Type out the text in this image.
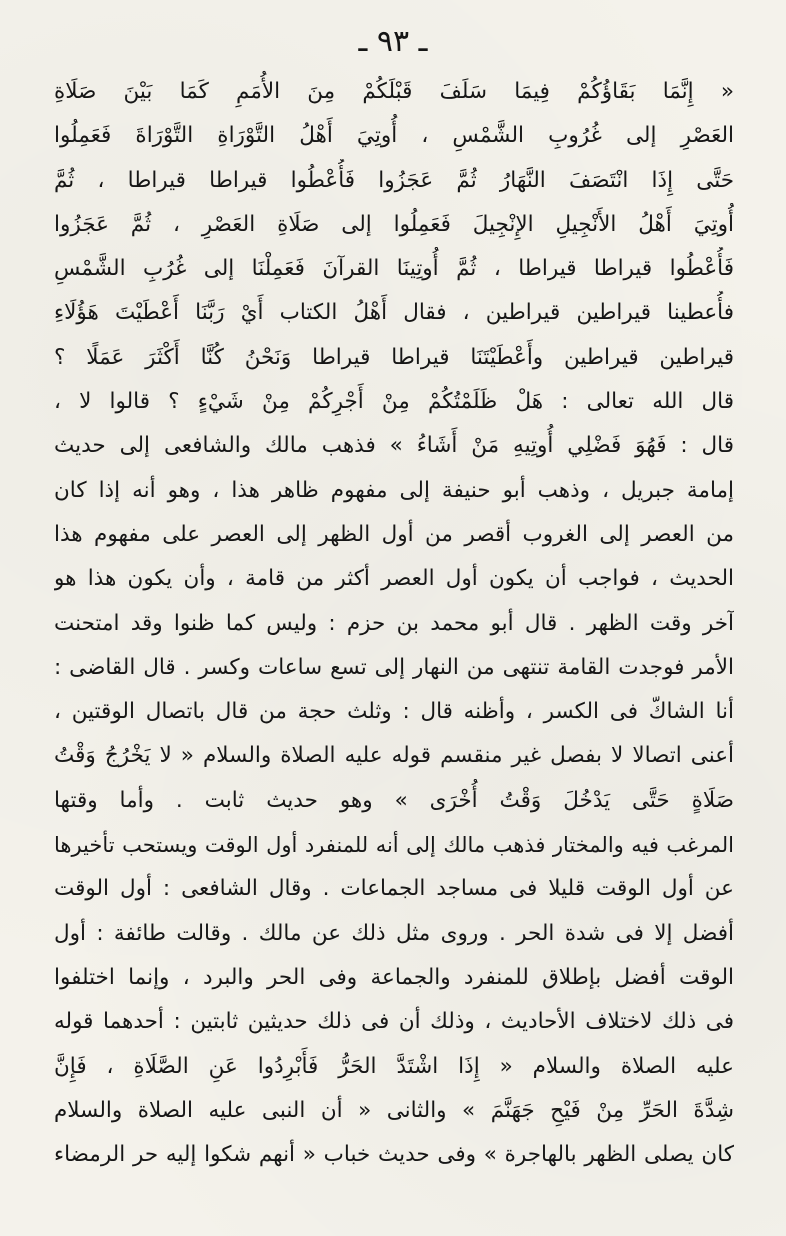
ـ ٩٣ ـ
« إِنَّمَا بَقَاؤُكُمْ فِيمَا سَلَفَ قَبْلَكُمْ مِنَ الأُمَمِ كَمَا بَيْنَ صَلَاةِ
العَصْرِ إلى غُرُوبِ الشَّمْسِ ، أُوتِيَ أَهْلُ التَّوْرَاةِ التَّوْرَاةَ فَعَمِلُوا
حَتَّى إِذَا انْتَصَفَ النَّهَارُ ثُمَّ عَجَزُوا فَأُعْطُوا قيراطا قيراطا ، ثُمَّ
أُوتِيَ أَهْلُ الأَنْجِيلِ الإِنْجِيلَ فَعَمِلُوا إلى صَلَاةِ العَصْرِ ، ثُمَّ عَجَزُوا
فَأُعْطُوا قيراطا قيراطا ، ثُمَّ أُوتِينَا القرآنَ فَعَمِلْنَا إلى غُرُبِ الشَّمْسِ
فأُعطينا قيراطين قيراطين ، فقال أَهْلُ الكتاب أَيْ رَبَّنَا أَعْطَيْتَ هَؤُلَاءِ
قيراطين قيراطين وأَعْطَيْتَنَا قيراطا قيراطا وَنَحْنُ كُنَّا أَكْثَرَ عَمَلًا ؟
قال الله تعالى : هَلْ ظَلَمْتُكُمْ مِنْ أَجْرِكُمْ مِنْ شَيْءٍ ؟ قالوا لا ،
قال : فَهُوَ فَضْلِي أُوتِيهِ مَنْ أَشَاءُ » فذهب مالك والشافعى إلى حديث
إمامة جبريل ، وذهب أبو حنيفة إلى مفهوم ظاهر هذا ، وهو أنه إذا كان
من العصر إلى الغروب أقصر من أول الظهر إلى العصر على مفهوم هذا
الحديث ، فواجب أن يكون أول العصر أكثر من قامة ، وأن يكون هذا هو
آخر وقت الظهر . قال أبو محمد بن حزم : وليس كما ظنوا وقد امتحنت
الأمر فوجدت القامة تنتهى من النهار إلى تسع ساعات وكسر . قال القاضى :
أنا الشاكّ فى الكسر ، وأظنه قال : وثلث حجة من قال باتصال الوقتين ،
أعنى اتصالا لا بفصل غير منقسم قوله عليه الصلاة والسلام « لا يَخْرُجُ وَقْتُ
صَلَاةٍ حَتَّى يَدْخُلَ وَقْتُ أُخْرَى » وهو حديث ثابت . وأما وقتها
المرغب فيه والمختار فذهب مالك إلى أنه للمنفرد أول الوقت ويستحب تأخيرها
عن أول الوقت قليلا فى مساجد الجماعات . وقال الشافعى : أول الوقت
أفضل إلا فى شدة الحر . وروى مثل ذلك عن مالك . وقالت طائفة : أول
الوقت أفضل بإطلاق للمنفرد والجماعة وفى الحر والبرد ، وإنما اختلفوا
فى ذلك لاختلاف الأحاديث ، وذلك أن فى ذلك حديثين ثابتين : أحدهما قوله
عليه الصلاة والسلام « إِذَا اشْتَدَّ الحَرُّ فَأَبْرِدُوا عَنِ الصَّلَاةِ ، فَإِنَّ
شِدَّةَ الحَرِّ مِنْ فَيْحِ جَهَنَّمَ » والثانى « أن النبى عليه الصلاة والسلام
كان يصلى الظهر بالهاجرة » وفى حديث خباب « أنهم شكوا إليه حر الرمضاء
